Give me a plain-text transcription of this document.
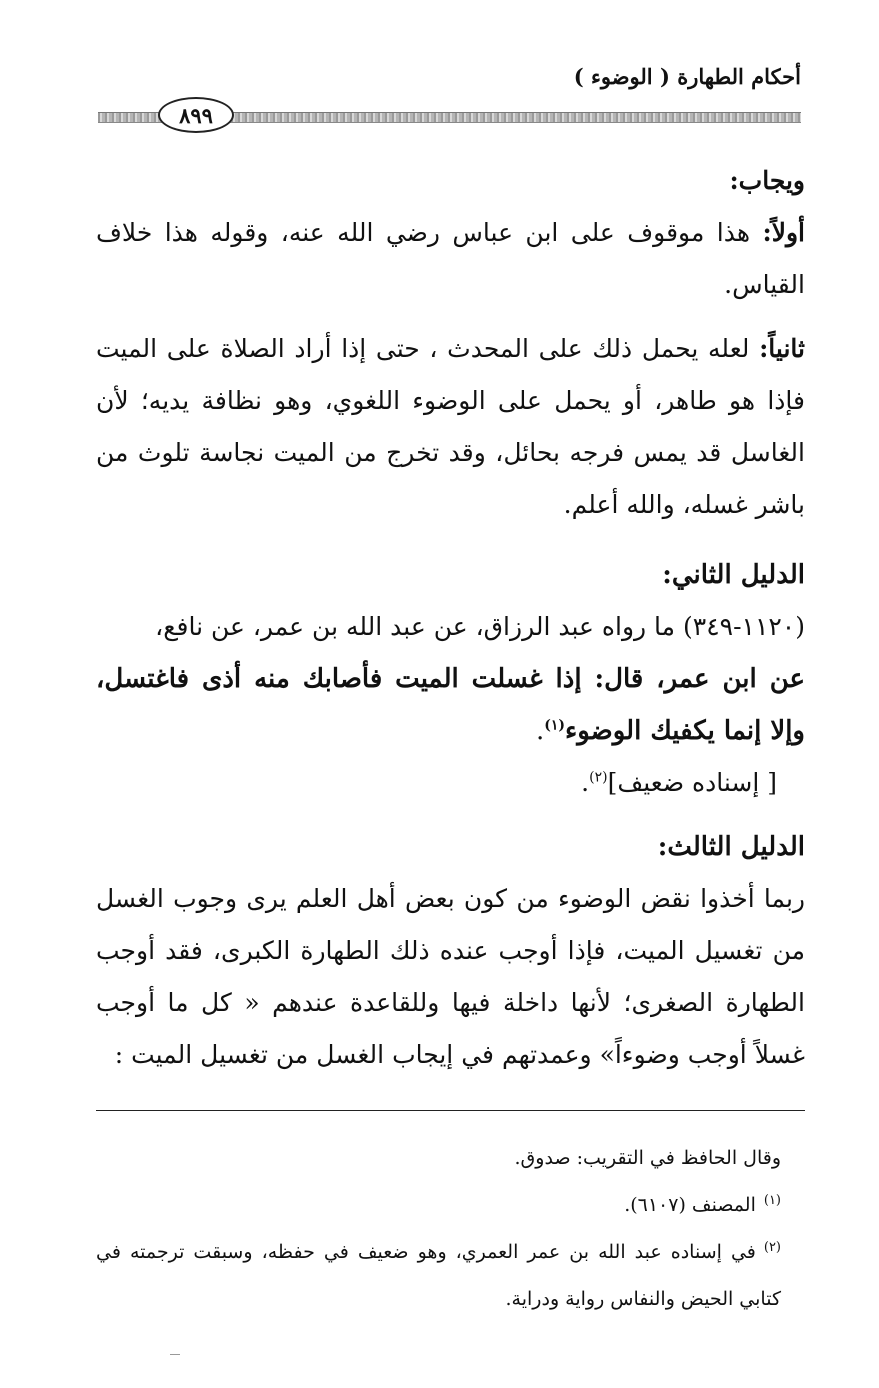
أحكام الطهارة ( الوضوء )
٨٩٩

ويجاب:

أولاً: هذا موقوف على ابن عباس رضي الله عنه، وقوله هذا خلاف القياس.

ثانياً: لعله يحمل ذلك على المحدث ، حتى إذا أراد الصلاة على الميت فإذا هو طاهر، أو يحمل على الوضوء اللغوي، وهو نظافة يديه؛ لأن الغاسل قد يمس فرجه بحائل، وقد تخرج من الميت نجاسة تلوث من باشر غسله، والله أعلم.

الدليل الثاني:

(١١٢٠-٣٤٩) ما رواه عبد الرزاق، عن عبد الله بن عمر، عن نافع،

عن ابن عمر، قال: إذا غسلت الميت فأصابك منه أذى فاغتسل، وإلا إنما يكفيك الوضوء$^{(١)}$.

[ إسناده ضعيف]$^{(٢)}$.

الدليل الثالث:

ربما أخذوا نقض الوضوء من كون بعض أهل العلم يرى وجوب الغسل من تغسيل الميت، فإذا أوجب عنده ذلك الطهارة الكبرى، فقد أوجب الطهارة الصغرى؛ لأنها داخلة فيها وللقاعدة عندهم « كل ما أوجب غسلاً أوجب وضوءاً» وعمدتهم في إيجاب الغسل من تغسيل الميت :

وقال الحافظ في التقريب: صدوق.

$^{(١)}$المصنف (٦١٠٧).

$^{(٢)}$في إسناده عبد الله بن عمر العمري، وهو ضعيف في حفظه، وسبقت ترجمته في كتابي الحيض والنفاس رواية ودراية.
